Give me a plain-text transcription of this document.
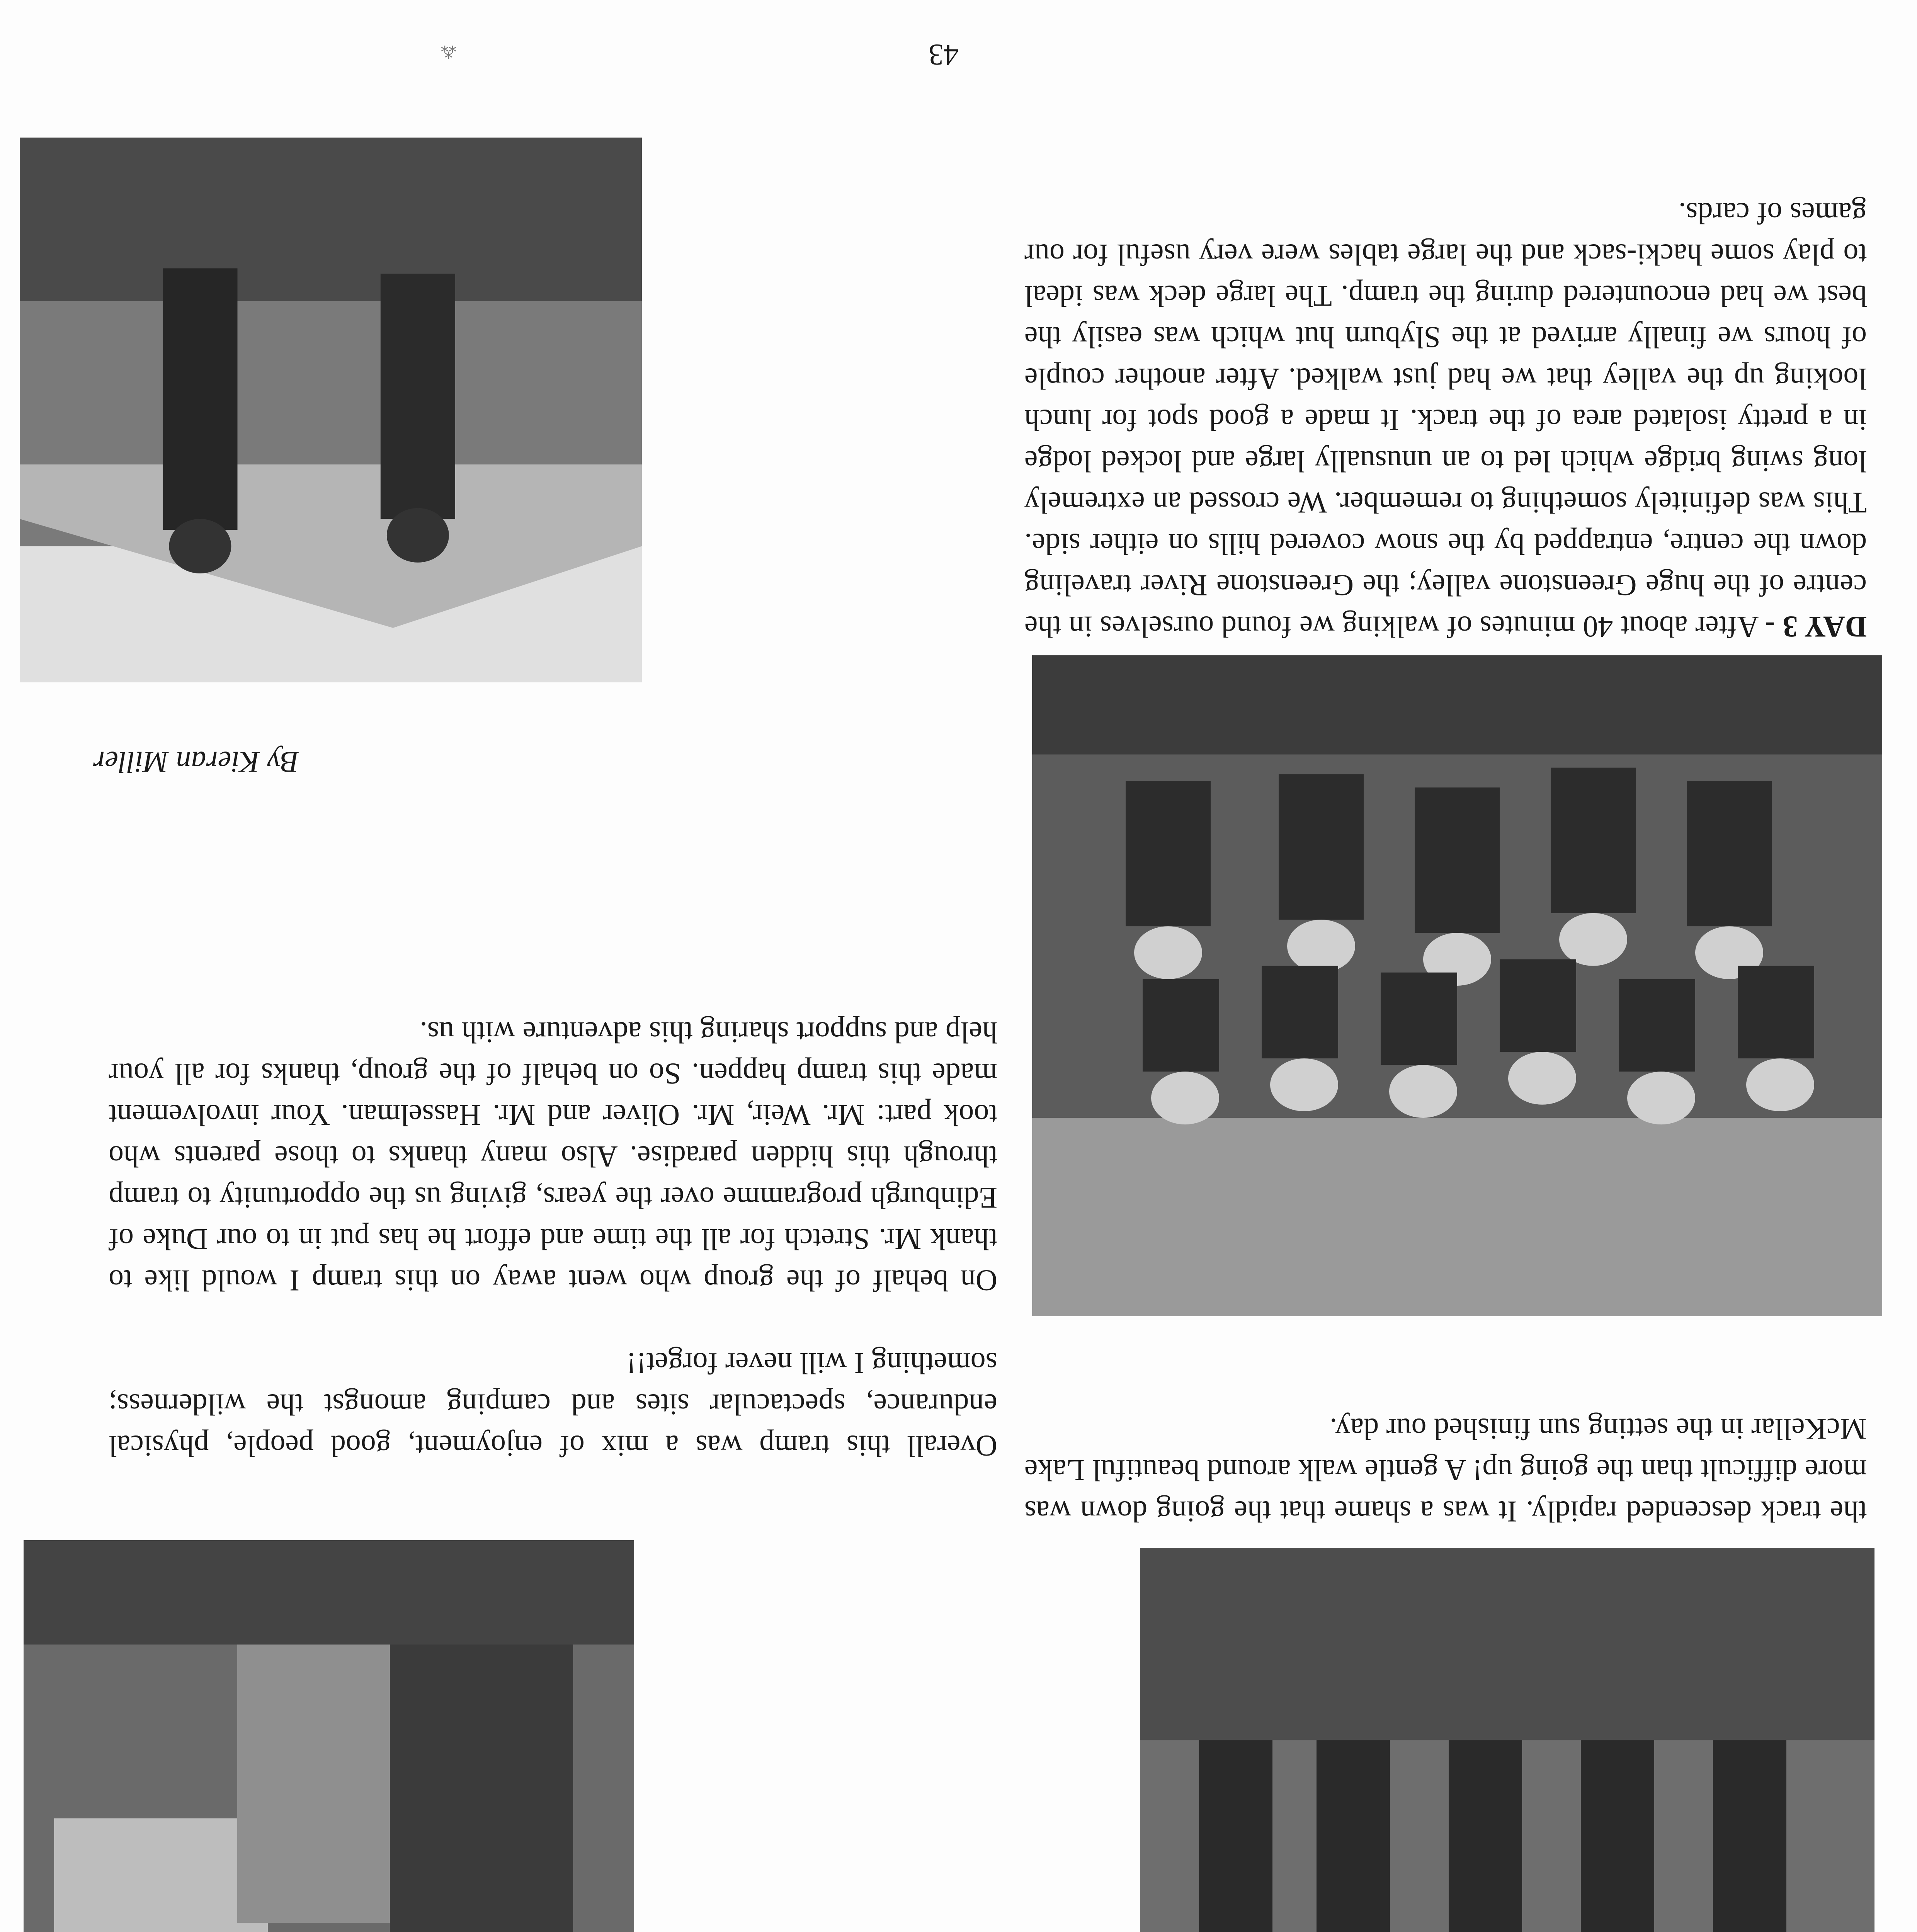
43
⁂
the track descended rapidly. It was a shame that the going down was more difficult than the going up! A gentle walk around beautiful Lake McKellar in the setting sun finished our day.
DAY 3 - After about 40 minutes of walking we found ourselves in the centre of the huge Greenstone valley; the Greenstone River traveling down the centre, entrapped by the snow covered hills on either side. This was definitely something to remember. We crossed an extremely long swing bridge which led to an unusually large and locked lodge in a pretty isolated area of the track. It made a good spot for lunch looking up the valley that we had just walked. After another couple of hours we finally arrived at the Slyburn hut which was easily the best we had encountered during the tramp. The large deck was ideal to play some hacki-sack and the large tables were very useful for our games of cards.

Overall this tramp was a mix of enjoyment, good people, physical endurance, spectacular sites and camping amongst the wilderness; something I will never forget!!

On behalf of the group who went away on this tramp I would like to thank Mr. Stretch for all the time and effort he has put in to our Duke of Edinburgh programme over the years, giving us the opportunity to tramp through this hidden paradise. Also many thanks to those parents who took part: Mr. Weir, Mr. Oliver and Mr. Hasselman. Your involvement made this tramp happen. So on behalf of the group, thanks for all your help and support sharing this adventure with us.

By Kieran Miller
